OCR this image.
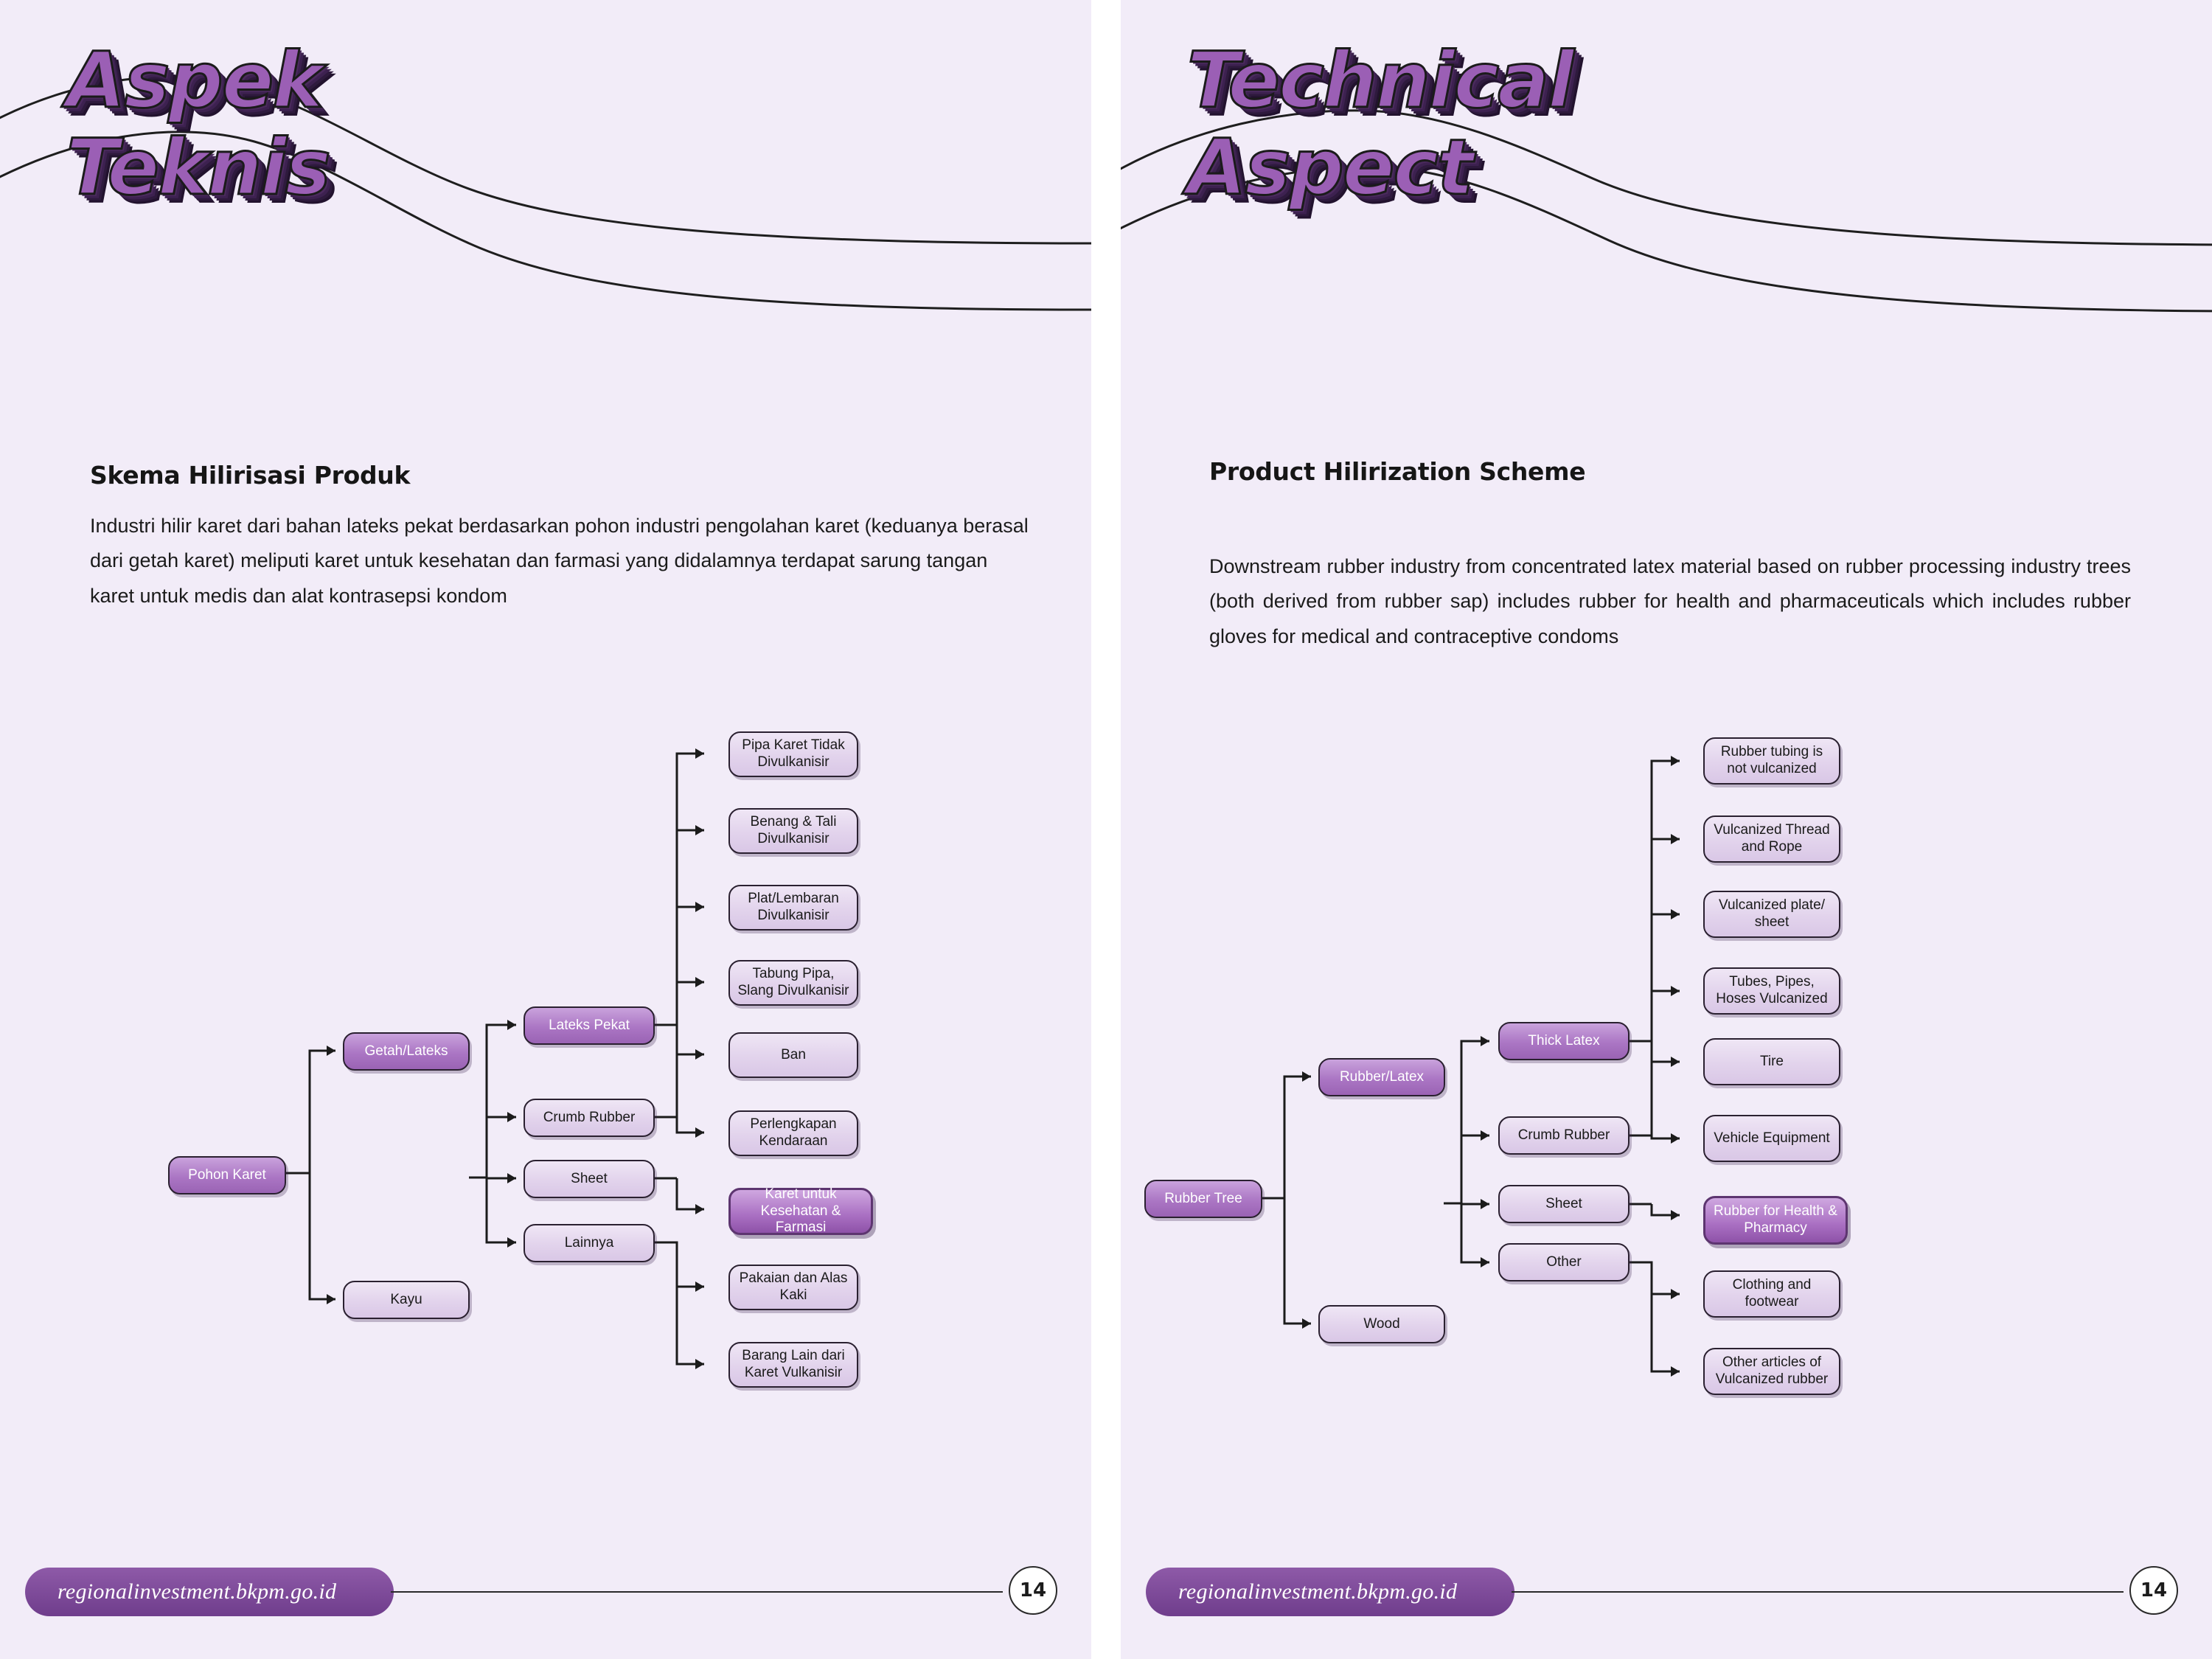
Aspek
Teknis
Skema Hilirisasi Produk
Industri hilir karet dari bahan lateks pekat berdasarkan pohon industri pengolahan karet (keduanya berasal dari getah karet) meliputi karet untuk kesehatan dan farmasi yang didalamnya terdapat sarung tangan karet untuk medis dan alat kontrasepsi kondom
Pohon Karet
Getah/Lateks
Kayu
Lateks Pekat
Crumb Rubber
Sheet
Lainnya
Pipa Karet Tidak Divulkanisir
Benang & Tali Divulkanisir
Plat/Lembaran Divulkanisir
Tabung Pipa, Slang Divulkanisir
Ban
Perlengkapan Kendaraan
Karet untuk Kesehatan & Farmasi
Pakaian dan Alas Kaki
Barang Lain dari Karet Vulkanisir
regionalinvestment.bkpm.go.id	14
Technical
Aspect
Product Hilirization Scheme
Downstream rubber industry from concentrated latex material based on rubber processing industry trees (both derived from rubber sap) includes rubber for health and pharmaceuticals which includes rubber gloves for medical and contraceptive condoms
Rubber Tree
Rubber/Latex
Wood
Thick Latex
Crumb Rubber
Sheet
Other
Rubber tubing is not vulcanized
Vulcanized Thread and Rope
Vulcanized plate/ sheet
Tubes, Pipes, Hoses Vulcanized
Tire
Vehicle Equipment
Rubber for Health & Pharmacy
Clothing and footwear
Other articles of Vulcanized rubber
regionalinvestment.bkpm.go.id	14
